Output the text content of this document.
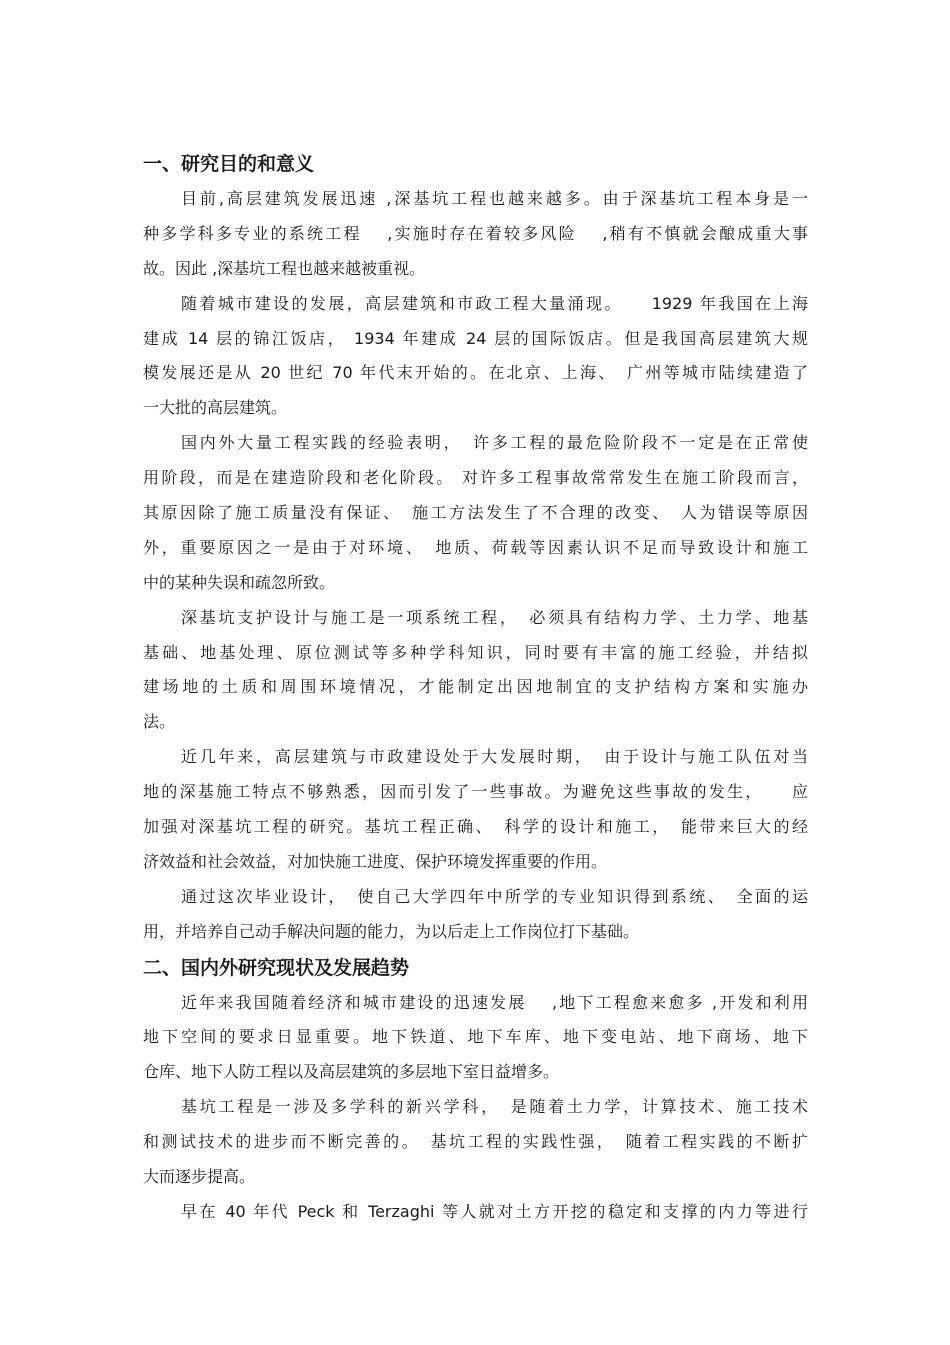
一、研究目的和意义
目前,高层建筑发展迅速 ,深基坑工程也越来越多。由于深基坑工程本身是一
种多学科多专业的系统工程　 ,实施时存在着较多风险　 ,稍有不慎就会酿成重大事
故。因此 ,深基坑工程也越来越被重视。
随着城市建设的发展，高层建筑和市政工程大量涌现。　　1929 年我国在上海
建成 14 层的锦江饭店， 1934 年建成 24 层的国际饭店。但是我国高层建筑大规
模发展还是从 20 世纪 70 年代末开始的。在北京、上海、　广州等城市陆续建造了
一大批的高层建筑。
国内外大量工程实践的经验表明，　许多工程的最危险阶段不一定是在正常使
用阶段，而是在建造阶段和老化阶段。 对许多工程事故常常发生在施工阶段而言，
其原因除了施工质量没有保证、　施工方法发生了不合理的改变、　人为错误等原因
外，重要原因之一是由于对环境、　地质、荷载等因素认识不足而导致设计和施工
中的某种失误和疏忽所致。
深基坑支护设计与施工是一项系统工程，　必须具有结构力学、土力学、地基
基础、地基处理、原位测试等多种学科知识，同时要有丰富的施工经验，并结拟
建场地的土质和周围环境情况，才能制定出因地制宜的支护结构方案和实施办
法。
近几年来，高层建筑与市政建设处于大发展时期，　由于设计与施工队伍对当
地的深基施工特点不够熟悉，因而引发了一些事故。为避免这些事故的发生，　　应
加强对深基坑工程的研究。基坑工程正确、　科学的设计和施工，　能带来巨大的经
济效益和社会效益，对加快施工进度、保护环境发挥重要的作用。
通过这次毕业设计，　使自己大学四年中所学的专业知识得到系统、　全面的运
用，并培养自己动手解决问题的能力，为以后走上工作岗位打下基础。
二、国内外研究现状及发展趋势
近年来我国随着经济和城市建设的迅速发展　 ,地下工程愈来愈多 ,开发和利用
地下空间的要求日显重要。地下铁道、地下车库、地下变电站、地下商场、地下
仓库、地下人防工程以及高层建筑的多层地下室日益增多。
基坑工程是一涉及多学科的新兴学科，　是随着土力学，计算技术、施工技术
和测试技术的进步而不断完善的。　基坑工程的实践性强，　随着工程实践的不断扩
大而逐步提高。
早在 40 年代 Peck 和 Terzaghi 等人就对土方开挖的稳定和支撑的内力等进行
